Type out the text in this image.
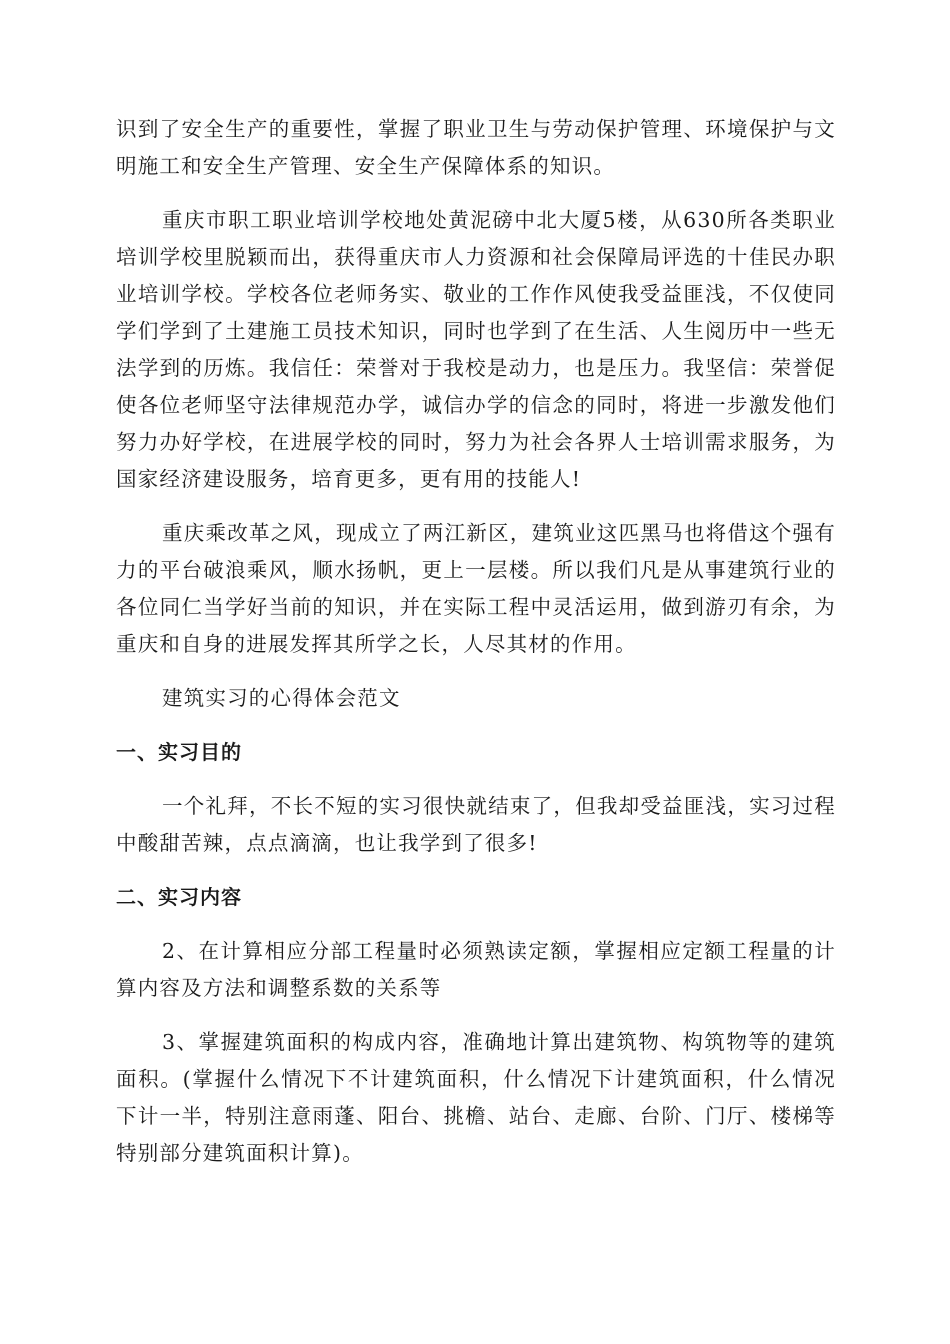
识到了安全生产的重要性，掌握了职业卫生与劳动保护管理、环境保护与文明施工和安全生产管理、安全生产保障体系的知识。

重庆市职工职业培训学校地处黄泥磅中北大厦5楼，从630所各类职业培训学校里脱颖而出，获得重庆市人力资源和社会保障局评选的十佳民办职业培训学校。学校各位老师务实、敬业的工作作风使我受益匪浅，不仅使同学们学到了土建施工员技术知识，同时也学到了在生活、人生阅历中一些无法学到的历炼。我信任：荣誉对于我校是动力，也是压力。我坚信：荣誉促使各位老师坚守法律规范办学，诚信办学的信念的同时，将进一步激发他们努力办好学校，在进展学校的同时，努力为社会各界人士培训需求服务，为国家经济建设服务，培育更多，更有用的技能人!

重庆乘改革之风，现成立了两江新区，建筑业这匹黑马也将借这个强有力的平台破浪乘风，顺水扬帆，更上一层楼。所以我们凡是从事建筑行业的各位同仁当学好当前的知识，并在实际工程中灵活运用，做到游刃有余，为重庆和自身的进展发挥其所学之长，人尽其材的作用。

建筑实习的心得体会范文

一、实习目的

一个礼拜，不长不短的实习很快就结束了，但我却受益匪浅，实习过程中酸甜苦辣，点点滴滴，也让我学到了很多!

二、实习内容

2、在计算相应分部工程量时必须熟读定额，掌握相应定额工程量的计算内容及方法和调整系数的关系等

3、掌握建筑面积的构成内容，准确地计算出建筑物、构筑物等的建筑面积。(掌握什么情况下不计建筑面积，什么情况下计建筑面积，什么情况下计一半，特别注意雨蓬、阳台、挑檐、站台、走廊、台阶、门厅、楼梯等特别部分建筑面积计算)。
